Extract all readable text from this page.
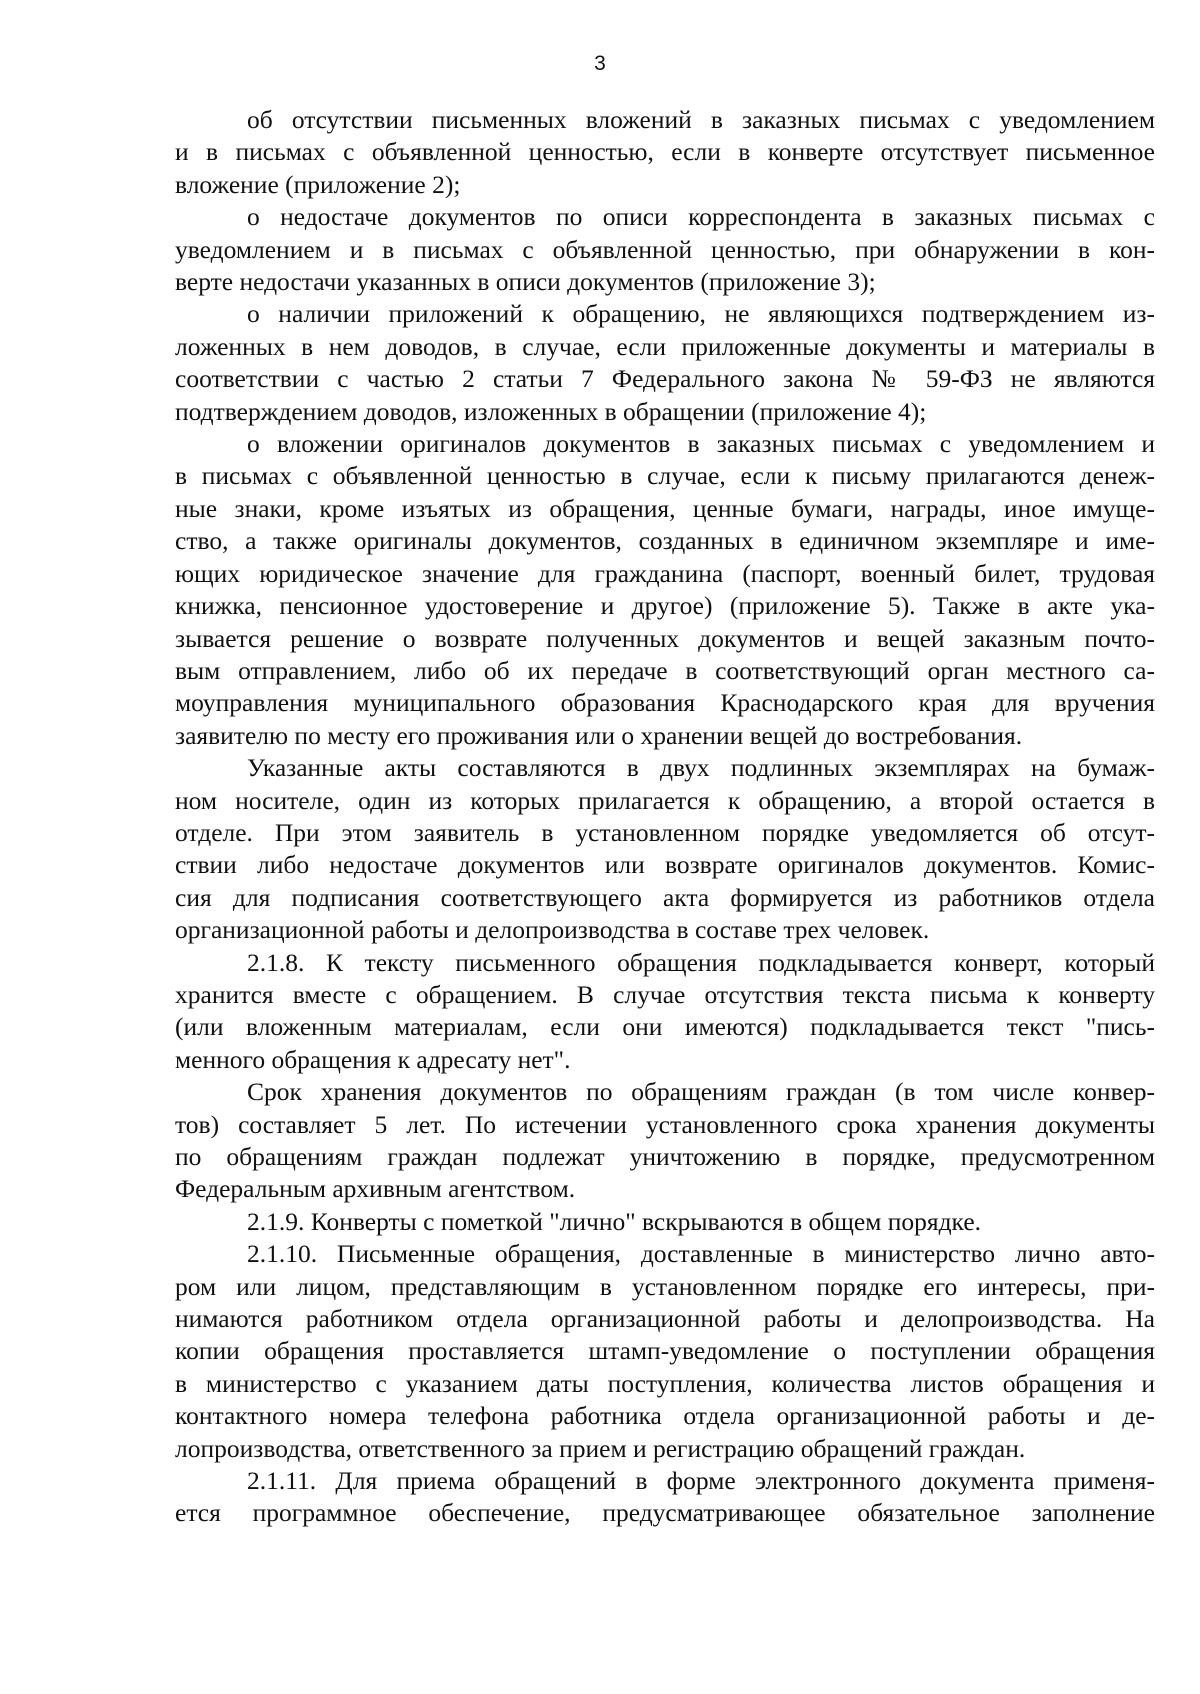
3
об отсутствии письменных вложений в заказных письмах с уведомлением
и в письмах с объявленной ценностью, если в конверте отсутствует письменное
вложение (приложение 2);
о недостаче документов по описи корреспондента в заказных письмах с
уведомлением и в письмах с объявленной ценностью, при обнаружении в кон-
верте недостачи указанных в описи документов (приложение 3);
о наличии приложений к обращению, не являющихся подтверждением из-
ложенных в нем доводов, в случае, если приложенные документы и материалы в
соответствии с частью 2 статьи 7 Федерального закона № 59-ФЗ не являются
подтверждением доводов, изложенных в обращении (приложение 4);
о вложении оригиналов документов в заказных письмах с уведомлением и
в письмах с объявленной ценностью в случае, если к письму прилагаются денеж-
ные знаки, кроме изъятых из обращения, ценные бумаги, награды, иное имуще-
ство, а также оригиналы документов, созданных в единичном экземпляре и име-
ющих юридическое значение для гражданина (паспорт, военный билет, трудовая
книжка, пенсионное удостоверение и другое) (приложение 5). Также в акте ука-
зывается решение о возврате полученных документов и вещей заказным почто-
вым отправлением, либо об их передаче в соответствующий орган местного са-
моуправления муниципального образования Краснодарского края для вручения
заявителю по месту его проживания или о хранении вещей до востребования.
Указанные акты составляются в двух подлинных экземплярах на бумаж-
ном носителе, один из которых прилагается к обращению, а второй остается в
отделе. При этом заявитель в установленном порядке уведомляется об отсут-
ствии либо недостаче документов или возврате оригиналов документов. Комис-
сия для подписания соответствующего акта формируется из работников отдела
организационной работы и делопроизводства в составе трех человек.
2.1.8. К тексту письменного обращения подкладывается конверт, который
хранится вместе с обращением. В случае отсутствия текста письма к конверту
(или вложенным материалам, если они имеются) подкладывается текст "пись-
менного обращения к адресату нет".
Срок хранения документов по обращениям граждан (в том числе конвер-
тов) составляет 5 лет. По истечении установленного срока хранения документы
по обращениям граждан подлежат уничтожению в порядке, предусмотренном
Федеральным архивным агентством.
2.1.9. Конверты с пометкой "лично" вскрываются в общем порядке.
2.1.10. Письменные обращения, доставленные в министерство лично авто-
ром или лицом, представляющим в установленном порядке его интересы, при-
нимаются работником отдела организационной работы и делопроизводства. На
копии обращения проставляется штамп-уведомление о поступлении обращения
в министерство с указанием даты поступления, количества листов обращения и
контактного номера телефона работника отдела организационной работы и де-
лопроизводства, ответственного за прием и регистрацию обращений граждан.
2.1.11. Для приема обращений в форме электронного документа применя-
ется программное обеспечение, предусматривающее обязательное заполнение
